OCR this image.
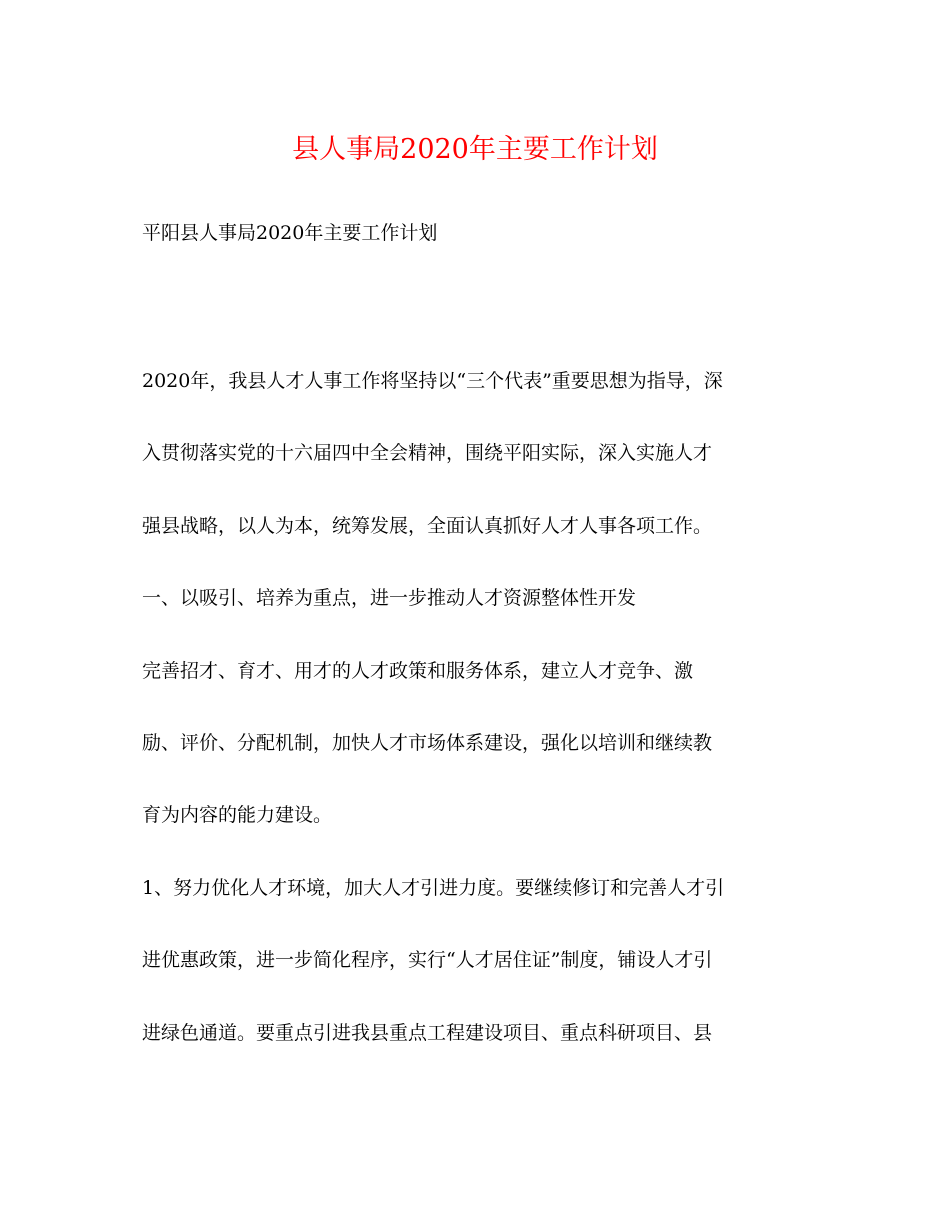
县人事局2020年主要工作计划

平阳县人事局2020年主要工作计划

2020年，我县人才人事工作将坚持以“三个代表”重要思想为指导，深

入贯彻落实党的十六届四中全会精神，围绕平阳实际，深入实施人才

强县战略，以人为本，统筹发展，全面认真抓好人才人事各项工作。

一、以吸引、培养为重点，进一步推动人才资源整体性开发

完善招才、育才、用才的人才政策和服务体系，建立人才竞争、激

励、评价、分配机制，加快人才市场体系建设，强化以培训和继续教

育为内容的能力建设。

1、努力优化人才环境，加大人才引进力度。要继续修订和完善人才引

进优惠政策，进一步简化程序，实行“人才居住证”制度，铺设人才引

进绿色通道。要重点引进我县重点工程建设项目、重点科研项目、县
